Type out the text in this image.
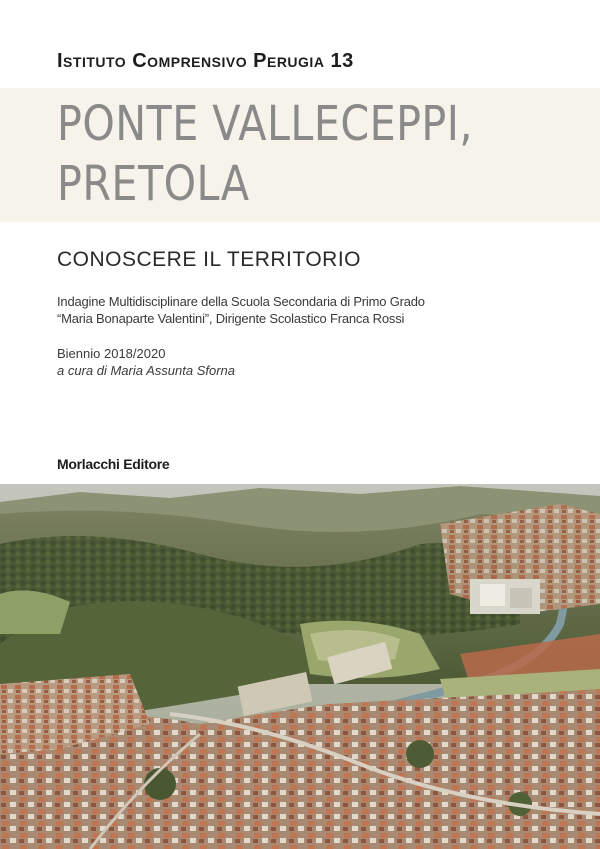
Istituto Comprensivo Perugia 13
PONTE VALLECEPPI,
PRETOLA
CONOSCERE IL TERRITORIO
Indagine Multidisciplinare della Scuola Secondaria di Primo Grado
“Maria Bonaparte Valentini”, Dirigente Scolastico Franca Rossi
Biennio 2018/2020
a cura di Maria Assunta Sforna
Morlacchi Editore
